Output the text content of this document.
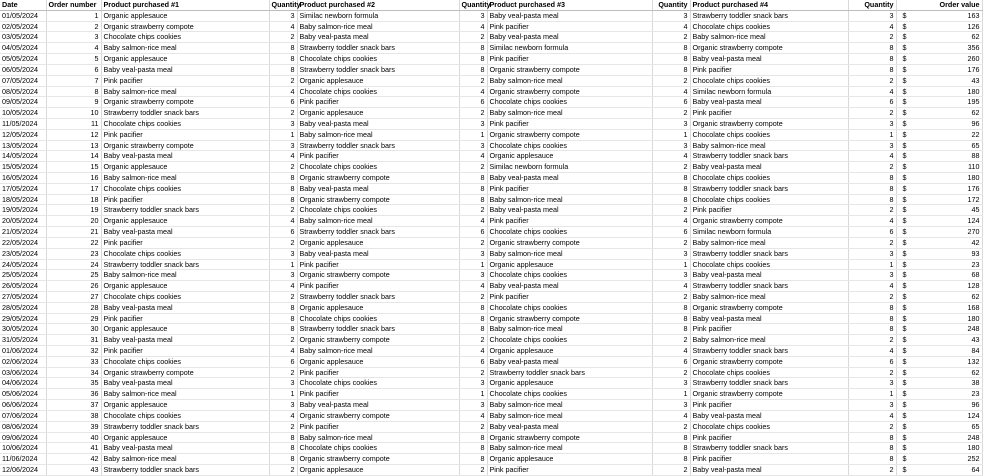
Date	Order number	Product purchased #1	Quantity	Product purchased #2	Quantity	Product purchased #3	Quantity	Product purchased #4	Quantity	Order value
01/05/2024	1	Organic applesauce	3	Similac newborn formula	3	Baby veal-pasta meal	3	Strawberry toddler snack bars	3	$ 163

02/05/2024	2	Organic strawberry compote	4	Baby salmon-rice meal	4	Pink pacifier	4	Chocolate chips cookies	4	$ 126

03/05/2024	3	Chocolate chips cookies	2	Baby veal-pasta meal	2	Baby veal-pasta meal	2	Baby salmon-rice meal	2	$ 62

04/05/2024	4	Baby salmon-rice meal	8	Strawberry toddler snack bars	8	Similac newborn formula	8	Organic strawberry compote	8	$ 356

05/05/2024	5	Organic applesauce	8	Chocolate chips cookies	8	Pink pacifier	8	Baby veal-pasta meal	8	$ 260

06/05/2024	6	Baby veal-pasta meal	8	Strawberry toddler snack bars	8	Organic strawberry compote	8	Pink pacifier	8	$ 176

07/05/2024	7	Pink pacifier	2	Organic applesauce	2	Baby salmon-rice meal	2	Chocolate chips cookies	2	$ 43

08/05/2024	8	Baby salmon-rice meal	4	Chocolate chips cookies	4	Organic strawberry compote	4	Similac newborn formula	4	$ 180

09/05/2024	9	Organic strawberry compote	6	Pink pacifier	6	Chocolate chips cookies	6	Baby veal-pasta meal	6	$ 195

10/05/2024	10	Strawberry toddler snack bars	2	Organic applesauce	2	Baby salmon-rice meal	2	Pink pacifier	2	$ 62

11/05/2024	11	Chocolate chips cookies	3	Baby veal-pasta meal	3	Pink pacifier	3	Organic strawberry compote	3	$ 96

12/05/2024	12	Pink pacifier	1	Baby salmon-rice meal	1	Organic strawberry compote	1	Chocolate chips cookies	1	$ 22

13/05/2024	13	Organic strawberry compote	3	Strawberry toddler snack bars	3	Chocolate chips cookies	3	Baby salmon-rice meal	3	$ 65

14/05/2024	14	Baby veal-pasta meal	4	Pink pacifier	4	Organic applesauce	4	Strawberry toddler snack bars	4	$ 88

15/05/2024	15	Organic applesauce	2	Chocolate chips cookies	2	Similac newborn formula	2	Baby veal-pasta meal	2	$ 110

16/05/2024	16	Baby salmon-rice meal	8	Organic strawberry compote	8	Baby veal-pasta meal	8	Chocolate chips cookies	8	$ 180

17/05/2024	17	Chocolate chips cookies	8	Baby veal-pasta meal	8	Pink pacifier	8	Strawberry toddler snack bars	8	$ 176

18/05/2024	18	Pink pacifier	8	Organic strawberry compote	8	Baby salmon-rice meal	8	Chocolate chips cookies	8	$ 172

19/05/2024	19	Strawberry toddler snack bars	2	Chocolate chips cookies	2	Baby veal-pasta meal	2	Pink pacifier	2	$ 45

20/05/2024	20	Organic applesauce	4	Baby salmon-rice meal	4	Pink pacifier	4	Organic strawberry compote	4	$ 124

21/05/2024	21	Baby veal-pasta meal	6	Strawberry toddler snack bars	6	Chocolate chips cookies	6	Similac newborn formula	6	$ 270

22/05/2024	22	Pink pacifier	2	Organic applesauce	2	Organic strawberry compote	2	Baby salmon-rice meal	2	$ 42

23/05/2024	23	Chocolate chips cookies	3	Baby veal-pasta meal	3	Baby salmon-rice meal	3	Strawberry toddler snack bars	3	$ 93

24/05/2024	24	Strawberry toddler snack bars	1	Pink pacifier	1	Organic applesauce	1	Chocolate chips cookies	1	$ 23

25/05/2024	25	Baby salmon-rice meal	3	Organic strawberry compote	3	Chocolate chips cookies	3	Baby veal-pasta meal	3	$ 68

26/05/2024	26	Organic applesauce	4	Pink pacifier	4	Baby veal-pasta meal	4	Strawberry toddler snack bars	4	$ 128

27/05/2024	27	Chocolate chips cookies	2	Strawberry toddler snack bars	2	Pink pacifier	2	Baby salmon-rice meal	2	$ 62

28/05/2024	28	Baby veal-pasta meal	8	Organic applesauce	8	Chocolate chips cookies	8	Organic strawberry compote	8	$ 168

29/05/2024	29	Pink pacifier	8	Chocolate chips cookies	8	Organic strawberry compote	8	Baby veal-pasta meal	8	$ 180

30/05/2024	30	Organic applesauce	8	Strawberry toddler snack bars	8	Baby salmon-rice meal	8	Pink pacifier	8	$ 248

31/05/2024	31	Baby veal-pasta meal	2	Organic strawberry compote	2	Chocolate chips cookies	2	Baby salmon-rice meal	2	$ 43

01/06/2024	32	Pink pacifier	4	Baby salmon-rice meal	4	Organic applesauce	4	Strawberry toddler snack bars	4	$ 84

02/06/2024	33	Chocolate chips cookies	6	Organic applesauce	6	Baby veal-pasta meal	6	Organic strawberry compote	6	$ 132

03/06/2024	34	Organic strawberry compote	2	Pink pacifier	2	Strawberry toddler snack bars	2	Chocolate chips cookies	2	$ 62

04/06/2024	35	Baby veal-pasta meal	3	Chocolate chips cookies	3	Organic applesauce	3	Strawberry toddler snack bars	3	$ 38

05/06/2024	36	Baby salmon-rice meal	1	Pink pacifier	1	Chocolate chips cookies	1	Organic strawberry compote	1	$ 23

06/06/2024	37	Organic applesauce	3	Baby veal-pasta meal	3	Baby salmon-rice meal	3	Pink pacifier	3	$ 96

07/06/2024	38	Chocolate chips cookies	4	Organic strawberry compote	4	Baby salmon-rice meal	4	Baby veal-pasta meal	4	$ 124

08/06/2024	39	Strawberry toddler snack bars	2	Pink pacifier	2	Baby veal-pasta meal	2	Chocolate chips cookies	2	$ 65

09/06/2024	40	Organic applesauce	8	Baby salmon-rice meal	8	Organic strawberry compote	8	Pink pacifier	8	$ 248

10/06/2024	41	Baby veal-pasta meal	8	Chocolate chips cookies	8	Baby salmon-rice meal	8	Strawberry toddler snack bars	8	$ 180

11/06/2024	42	Baby salmon-rice meal	8	Organic strawberry compote	8	Organic applesauce	8	Pink pacifier	8	$ 252

12/06/2024	43	Strawberry toddler snack bars	2	Organic applesauce	2	Pink pacifier	2	Baby veal-pasta meal	2	$ 64
